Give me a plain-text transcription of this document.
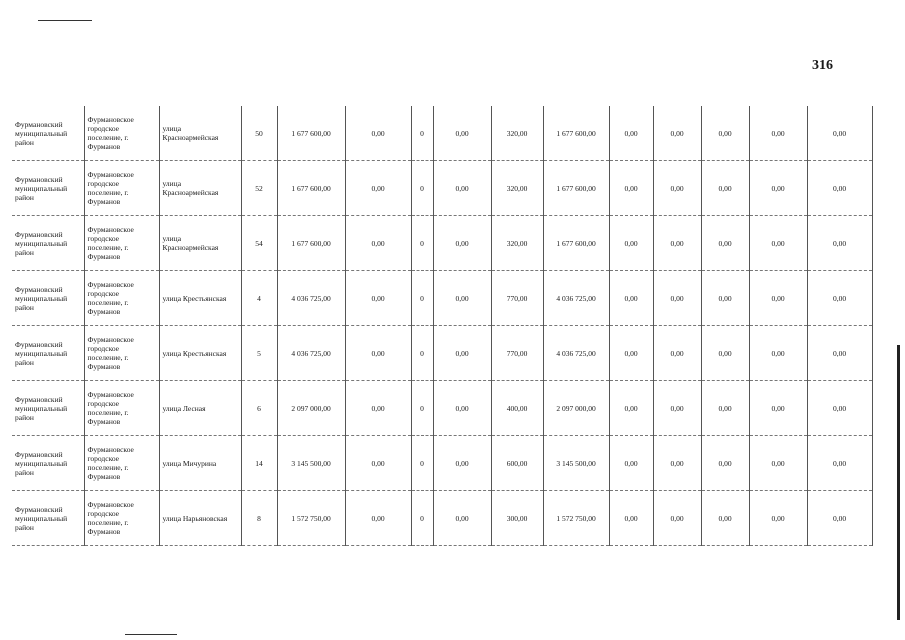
316
Фурмановский муниципальный район	Фурмановское городское поселение, г. Фурманов	улица Красноармейская	50	1 677 600,00	0,00	0	0,00	320,00	1 677 600,00	0,00	0,00	0,00	0,00	0,00
Фурмановский муниципальный район	Фурмановское городское поселение, г. Фурманов	улица Красноармейская	52	1 677 600,00	0,00	0	0,00	320,00	1 677 600,00	0,00	0,00	0,00	0,00	0,00
Фурмановский муниципальный район	Фурмановское городское поселение, г. Фурманов	улица Красноармейская	54	1 677 600,00	0,00	0	0,00	320,00	1 677 600,00	0,00	0,00	0,00	0,00	0,00
Фурмановский муниципальный район	Фурмановское городское поселение, г. Фурманов	улица Крестьянская	4	4 036 725,00	0,00	0	0,00	770,00	4 036 725,00	0,00	0,00	0,00	0,00	0,00
Фурмановский муниципальный район	Фурмановское городское поселение, г. Фурманов	улица Крестьянская	5	4 036 725,00	0,00	0	0,00	770,00	4 036 725,00	0,00	0,00	0,00	0,00	0,00
Фурмановский муниципальный район	Фурмановское городское поселение, г. Фурманов	улица Лесная	6	2 097 000,00	0,00	0	0,00	400,00	2 097 000,00	0,00	0,00	0,00	0,00	0,00
Фурмановский муниципальный район	Фурмановское городское поселение, г. Фурманов	улица Мичурина	14	3 145 500,00	0,00	0	0,00	600,00	3 145 500,00	0,00	0,00	0,00	0,00	0,00
Фурмановский муниципальный район	Фурмановское городское поселение, г. Фурманов	улица Нарьяновская	8	1 572 750,00	0,00	0	0,00	300,00	1 572 750,00	0,00	0,00	0,00	0,00	0,00
